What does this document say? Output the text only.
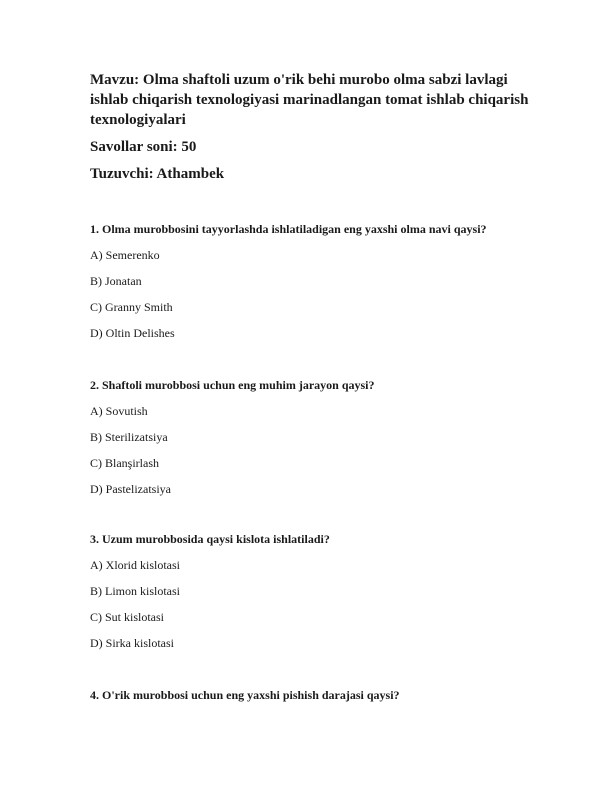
Mavzu: Olma shaftoli uzum o'rik behi murobo olma sabzi lavlagi ishlab chiqarish texnologiyasi marinadlangan tomat ishlab chiqarish texnologiyalari

Savollar soni: 50

Tuzuvchi: Athambek

1. Olma murobbosini tayyorlashda ishlatiladigan eng yaxshi olma navi qaysi?

A) Semerenko
B) Jonatan
C) Granny Smith
D) Oltin Delishes

2. Shaftoli murobbosi uchun eng muhim jarayon qaysi?

A) Sovutish
B) Sterilizatsiya
C) Blanşirlash
D) Pastelizatsiya

3. Uzum murobbosida qaysi kislota ishlatiladi?

A) Xlorid kislotasi
B) Limon kislotasi
C) Sut kislotasi
D) Sirka kislotasi

4. O'rik murobbosi uchun eng yaxshi pishish darajasi qaysi?
